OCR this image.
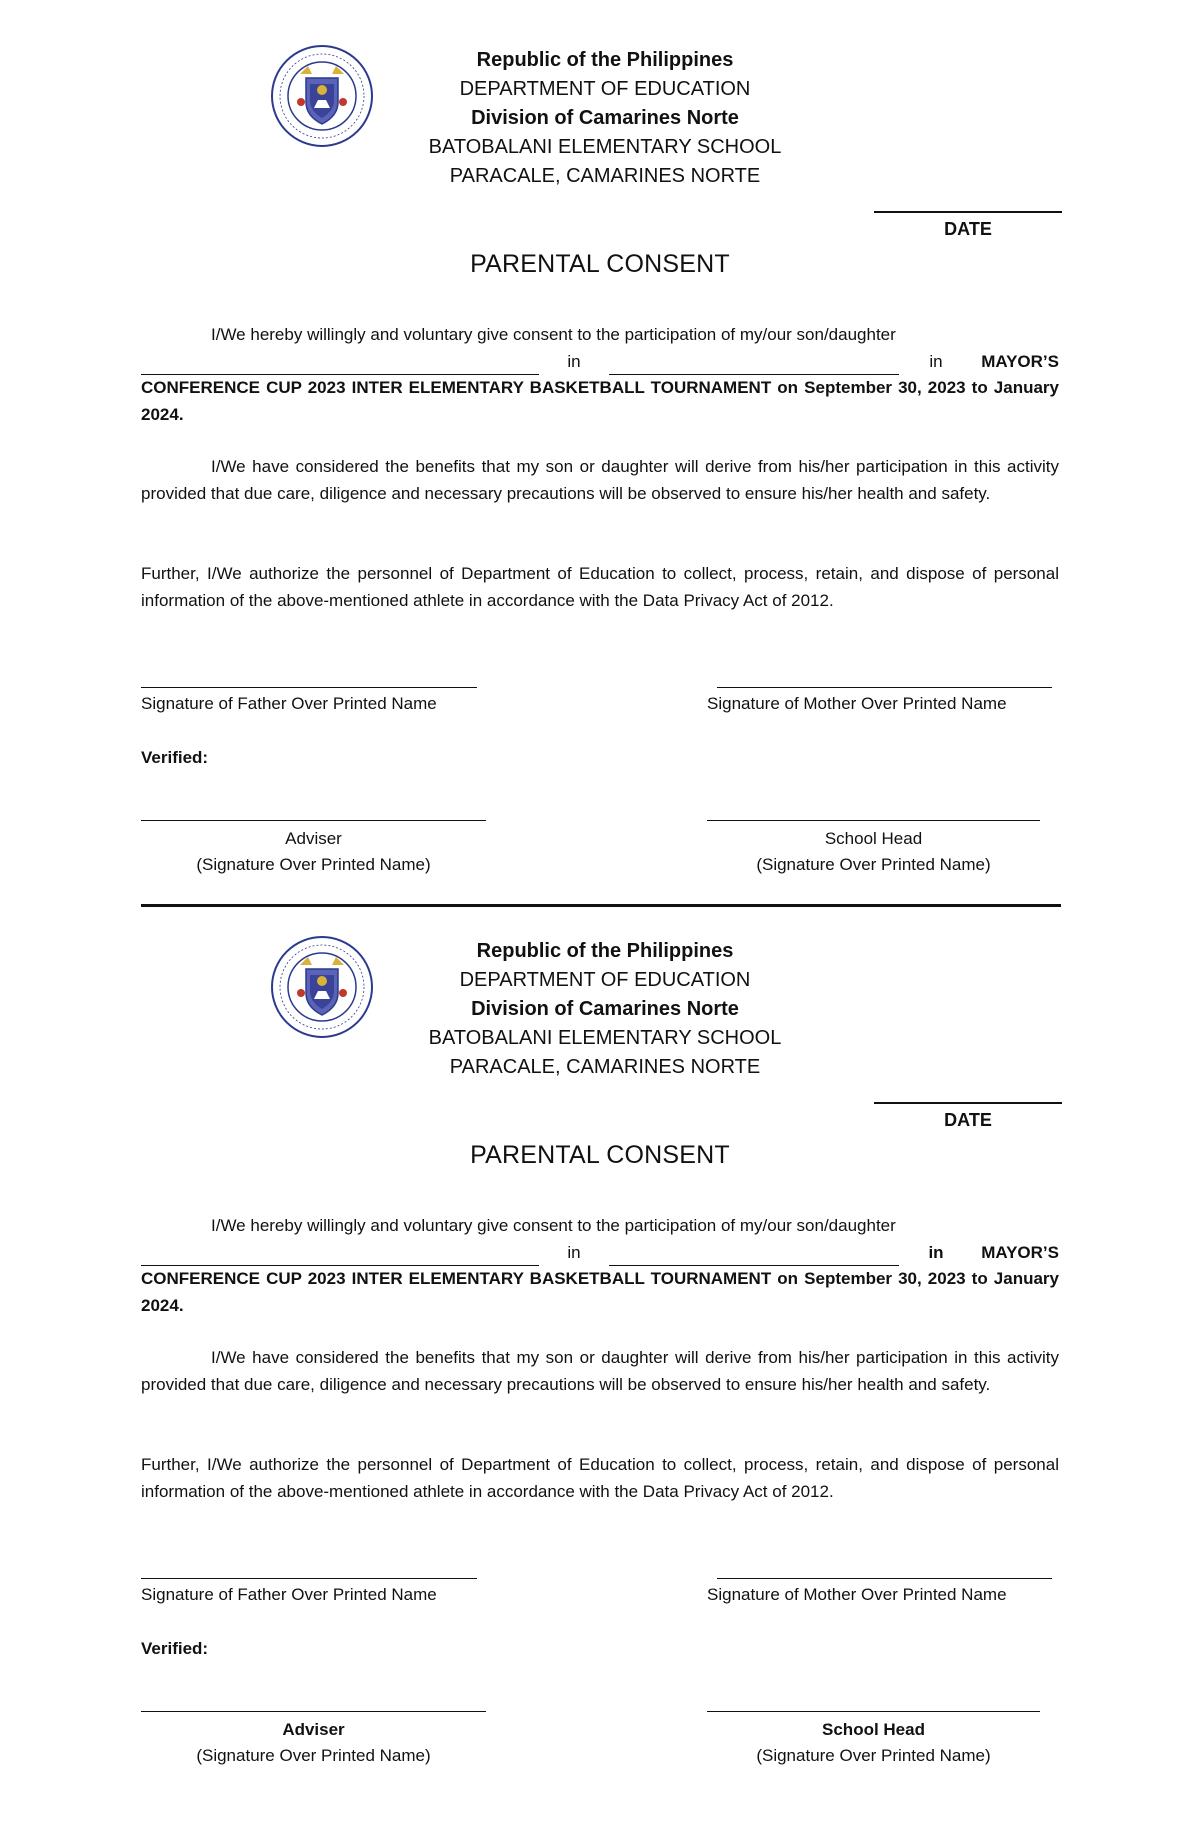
Republic of the Philippines
DEPARTMENT OF EDUCATION
Division of Camarines Norte
BATOBALANI ELEMENTARY SCHOOL
PARACALE, CAMARINES NORTE
DATE
PARENTAL CONSENT
I/We hereby willingly and voluntary give consent to the participation of my/our son/daughter
in	in	MAYOR’S
CONFERENCE CUP 2023 INTER ELEMENTARY BASKETBALL TOURNAMENT on September 30, 2023 to January 2024.
I/We have considered the benefits that my son or daughter will derive from his/her participation in this activity provided that due care, diligence and necessary precautions will be observed to ensure his/her health and safety.
Further, I/We authorize the personnel of Department of Education to collect, process, retain, and dispose of personal information of the above-mentioned athlete in accordance with the Data Privacy Act of 2012.
Signature of Father Over Printed Name	Signature of Mother Over Printed Name
Verified:
Adviser
(Signature Over Printed Name)
School Head
(Signature Over Printed Name)
Republic of the Philippines
DEPARTMENT OF EDUCATION
Division of Camarines Norte
BATOBALANI ELEMENTARY SCHOOL
PARACALE, CAMARINES NORTE
DATE
PARENTAL CONSENT
I/We hereby willingly and voluntary give consent to the participation of my/our son/daughter
in	in	MAYOR’S
CONFERENCE CUP 2023 INTER ELEMENTARY BASKETBALL TOURNAMENT on September 30, 2023 to January 2024.
I/We have considered the benefits that my son or daughter will derive from his/her participation in this activity provided that due care, diligence and necessary precautions will be observed to ensure his/her health and safety.
Further, I/We authorize the personnel of Department of Education to collect, process, retain, and dispose of personal information of the above-mentioned athlete in accordance with the Data Privacy Act of 2012.
Signature of Father Over Printed Name	Signature of Mother Over Printed Name
Verified:
Adviser
(Signature Over Printed Name)
School Head
(Signature Over Printed Name)
